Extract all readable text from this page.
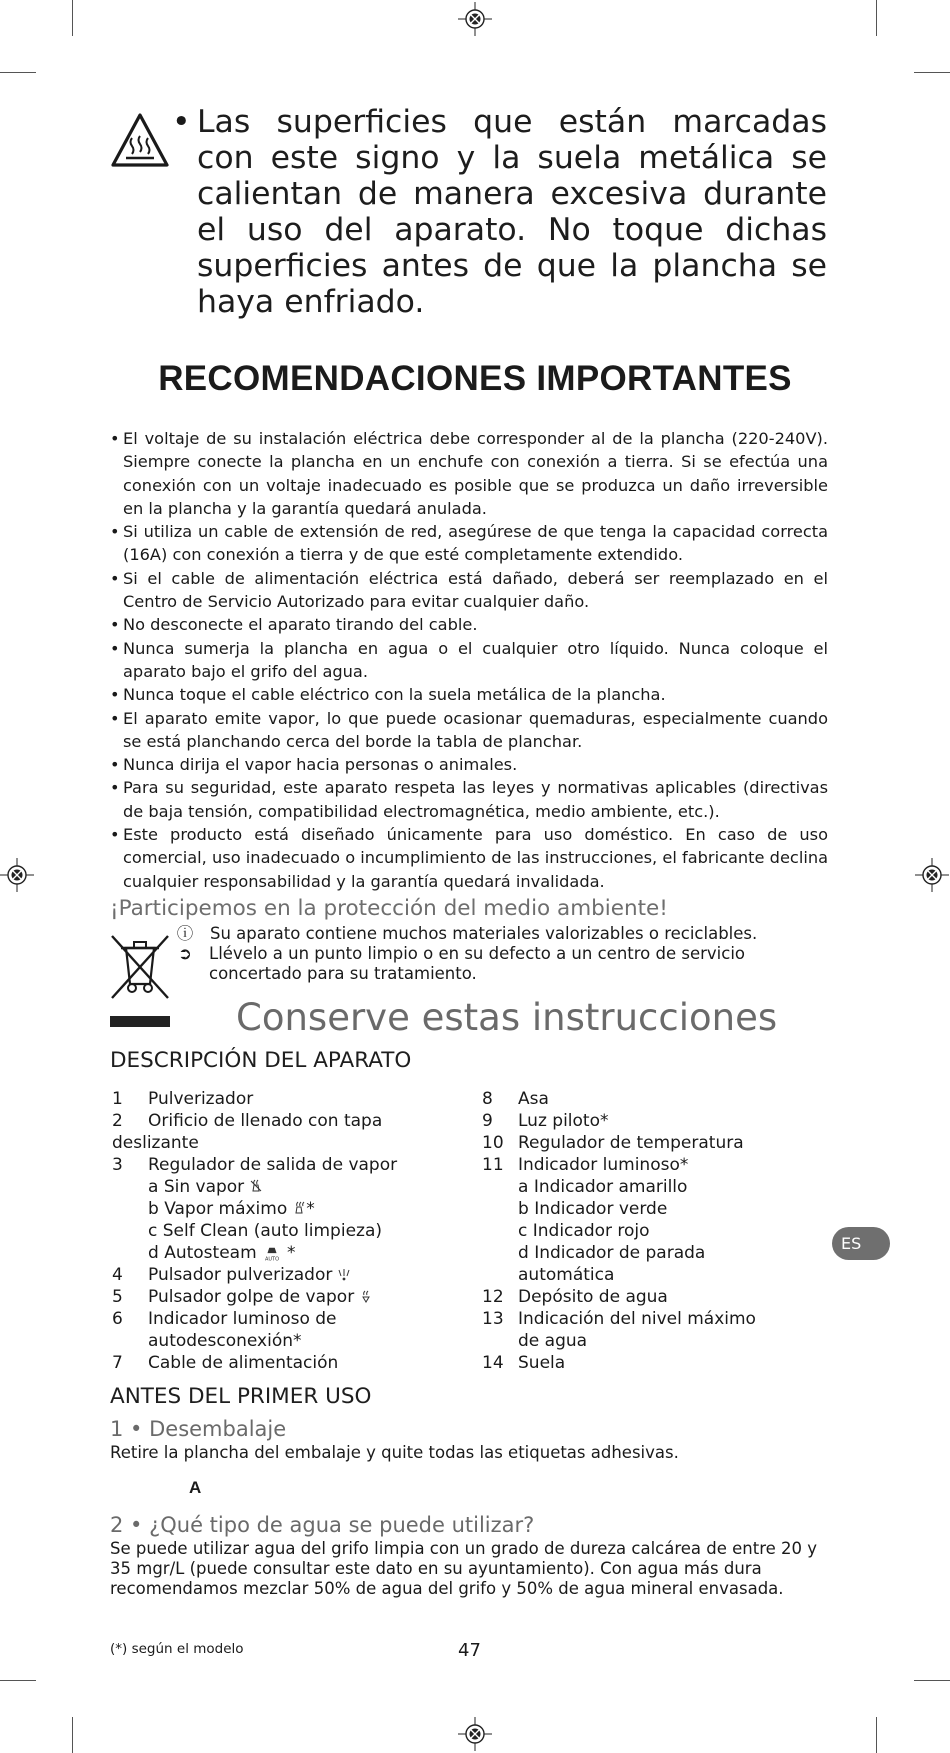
• Las superficies que están marcadas con este signo y la suela metálica se calientan de manera excesiva durante el uso del aparato. No toque dichas superficies antes de que la plancha se haya enfriado.
RECOMENDACIONES IMPORTANTES
• El voltaje de su instalación eléctrica debe corresponder al de la plancha (220-240V). Siempre conecte la plancha en un enchufe con conexión a tierra. Si se efectúa una conexión con un voltaje inadecuado es posible que se produzca un daño irreversible en la plancha y la garantía quedará anulada.
• Si utiliza un cable de extensión de red, asegúrese de que tenga la capacidad correcta (16A) con conexión a tierra y de que esté completamente extendido.
• Si el cable de alimentación eléctrica está dañado, deberá ser reemplazado en el Centro de Servicio Autorizado para evitar cualquier daño.
• No desconecte el aparato tirando del cable.
• Nunca sumerja la plancha en agua o el cualquier otro líquido. Nunca coloque el aparato bajo el grifo del agua.
• Nunca toque el cable eléctrico con la suela metálica de la plancha.
• El aparato emite vapor, lo que puede ocasionar quemaduras, especialmente cuando se está planchando cerca del borde la tabla de planchar.
• Nunca dirija el vapor hacia personas o animales.
• Para su seguridad, este aparato respeta las leyes y normativas aplicables (directivas de baja tensión, compatibilidad electromagnética, medio ambiente, etc.).
• Este producto está diseñado únicamente para uso doméstico. En caso de uso comercial, uso inadecuado o incumplimiento de las instrucciones, el fabricante declina cualquier responsabilidad y la garantía quedará invalidada.
¡Participemos en la protección del medio ambiente!
ⓘ Su aparato contiene muchos materiales valorizables o reciclables.
➲ Llévelo a un punto limpio o en su defecto a un centro de servicio concertado para su tratamiento.
Conserve estas instrucciones
DESCRIPCIÓN DEL APARATO
1 Pulverizador
2 Orificio de llenado con tapa
deslizante
3 Regulador de salida de vapor
a Sin vapor
b Vapor máximo *
c Self Clean (auto limpieza)
d Autosteam AUTO *
4 Pulsador pulverizador
5 Pulsador golpe de vapor
6 Indicador luminoso de
autodesconexión*
7 Cable de alimentación
8 Asa
9 Luz piloto*
10 Regulador de temperatura
11 Indicador luminoso*
a Indicador amarillo
b Indicador verde
c Indicador rojo
d Indicador de parada
automática
12 Depósito de agua
13 Indicación del nivel máximo
de agua
14 Suela
ES
ANTES DEL PRIMER USO
1 • Desembalaje
Retire la plancha del embalaje y quite todas las etiquetas adhesivas.
A
2 • ¿Qué tipo de agua se puede utilizar?
Se puede utilizar agua del grifo limpia con un grado de dureza calcárea de entre 20 y 35 mgr/L (puede consultar este dato en su ayuntamiento). Con agua más dura recomendamos mezclar 50% de agua del grifo y 50% de agua mineral envasada.
(*) según el modelo	47
